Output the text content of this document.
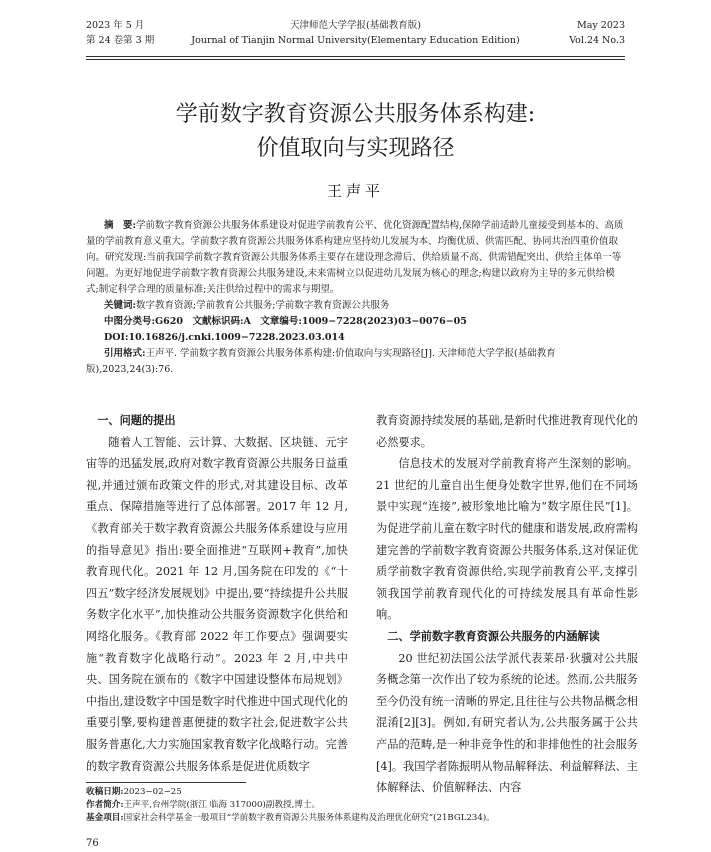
2023 年 5 月
第 24 卷第 3 期
天津师范大学学报(基础教育版)
Journal of Tianjin Normal University(Elementary Education Edition)
May 2023
Vol.24 No.3
学前数字教育资源公共服务体系构建:
价值取向与实现路径
王声平

摘　要:学前数字教育资源公共服务体系建设对促进学前教育公平、优化资源配置结构,保障学前适龄儿童接受到基本的、高质量的学前教育意义重大。学前数字教育资源公共服务体系构建应坚持幼儿发展为本、均衡优质、供需匹配、协同共治四重价值取向。研究发现:当前我国学前数字教育资源公共服务体系主要存在建设理念滞后、供给质量不高、供需错配突出、供给主体单一等问题。为更好地促进学前数字教育资源公共服务建设,未来需树立以促进幼儿发展为核心的理念;构建以政府为主导的多元供给模式;制定科学合理的质量标准;关注供给过程中的需求与期望。

关键词:数字教育资源;学前教育公共服务;学前数字教育资源公共服务

中图分类号:G620　文献标识码:A　文章编号:1009−7228(2023)03−0076−05

DOI:10.16826/j.cnki.1009−7228.2023.03.014

引用格式:王声平. 学前数字教育资源公共服务体系构建:价值取向与实现路径[J]. 天津师范大学学报(基础教育版),2023,24(3):76.

一、问题的提出

随着人工智能、云计算、大数据、区块链、元宇宙等的迅猛发展,政府对数字教育资源公共服务日益重视,并通过颁布政策文件的形式,对其建设目标、改革重点、保障措施等进行了总体部署。2017 年 12 月,《教育部关于数字教育资源公共服务体系建设与应用的指导意见》指出:要全面推进“互联网+教育”,加快教育现代化。2021 年 12 月,国务院在印发的《“十四五”数字经济发展规划》中提出,要“持续提升公共服务数字化水平”,加快推动公共服务资源数字化供给和网络化服务。《教育部 2022 年工作要点》强调要实施“教育数字化战略行动”。2023 年 2 月,中共中央、国务院在颁布的《数字中国建设整体布局规划》中指出,建设数字中国是数字时代推进中国式现代化的重要引擎,要构建普惠便捷的数字社会,促进数字公共服务普惠化,大力实施国家教育数字化战略行动。完善的数字教育资源公共服务体系是促进优质数字

教育资源持续发展的基础,是新时代推进教育现代化的必然要求。

信息技术的发展对学前教育将产生深刻的影响。21 世纪的儿童自出生便身处数字世界,他们在不同场景中实现“连接”,被形象地比喻为“数字原住民”[1]。为促进学前儿童在数字时代的健康和谐发展,政府需构建完善的学前数字教育资源公共服务体系,这对保证优质学前数字教育资源供给,实现学前教育公平,支撑引领我国学前教育现代化的可持续发展具有革命性影响。

二、学前数字教育资源公共服务的内涵解读

20 世纪初法国公法学派代表莱昂·狄骥对公共服务概念第一次作出了较为系统的论述。然而,公共服务至今仍没有统一清晰的界定,且往往与公共物品概念相混淆[2][3]。例如,有研究者认为,公共服务属于公共产品的范畴,是一种非竞争性的和非排他性的社会服务[4]。我国学者陈振明从物品解释法、利益解释法、主体解释法、价值解释法、内容

收稿日期:2023−02−25

作者简介:王声平,台州学院(浙江 临海 317000)副教授,博士。

基金项目:国家社会科学基金一般项目“学前数字教育资源公共服务体系建构及治理优化研究”(21BGL234)。

76
